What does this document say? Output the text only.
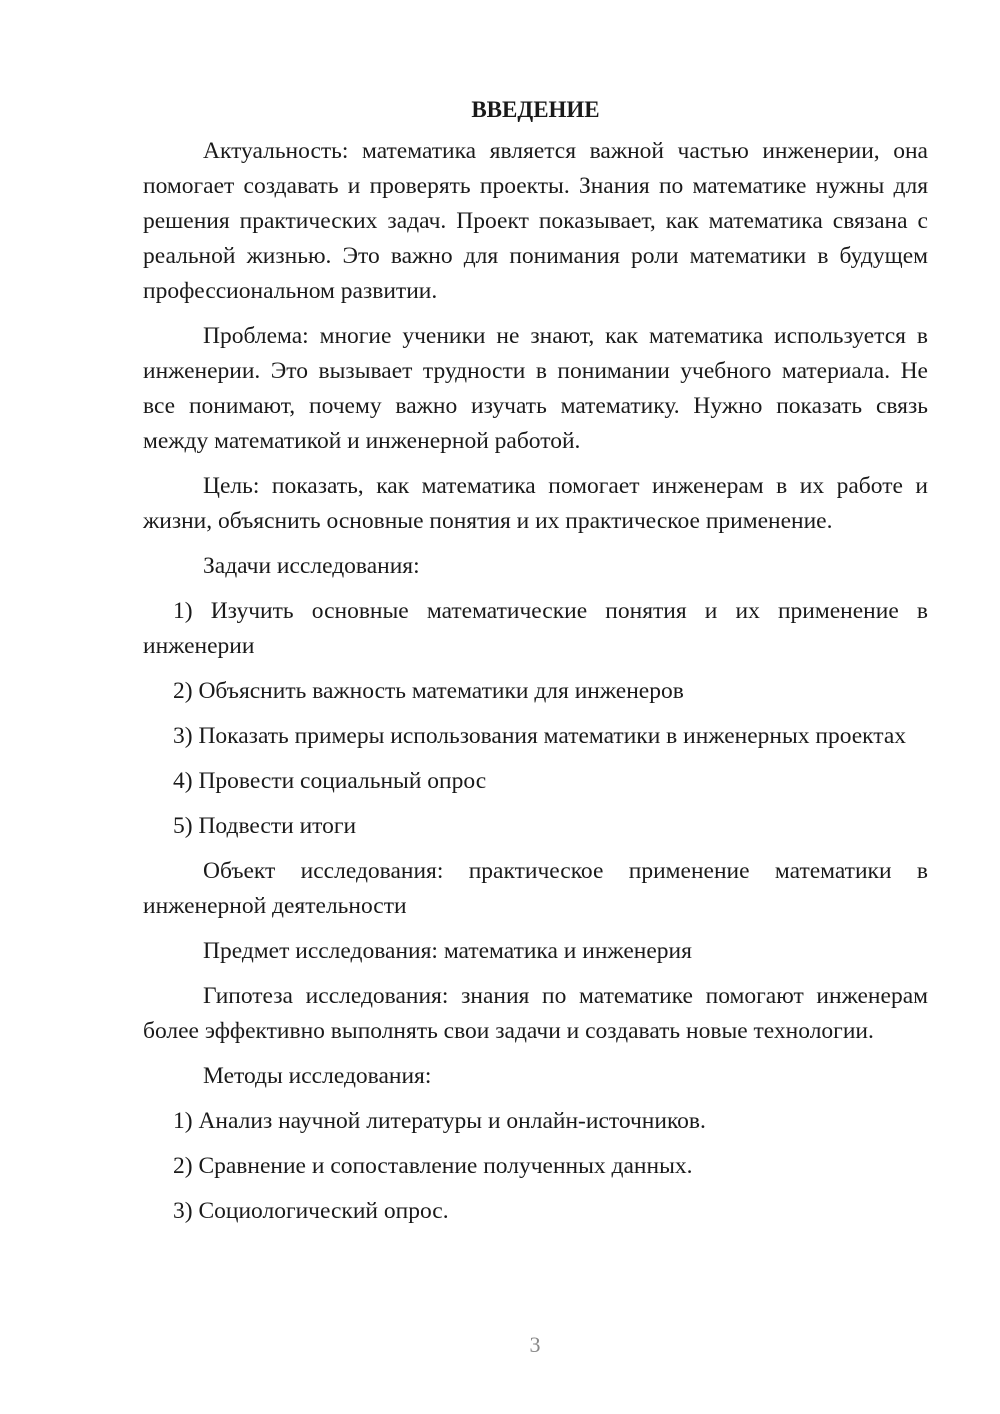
ВВЕДЕНИЕ

Актуальность: математика является важной частью инженерии, она помогает создавать и проверять проекты. Знания по математике нужны для решения практических задач. Проект показывает, как математика связана с реальной жизнью. Это важно для понимания роли математики в будущем профессиональном развитии.

Проблема: многие ученики не знают, как математика используется в инженерии. Это вызывает трудности в понимании учебного материала. Не все понимают, почему важно изучать математику. Нужно показать связь между математикой и инженерной работой.

Цель: показать, как математика помогает инженерам в их работе и жизни, объяснить основные понятия и их практическое применение.

Задачи исследования:

1) Изучить основные математические понятия и их применение в инженерии

2) Объяснить важность математики для инженеров

3) Показать примеры использования математики в инженерных проектах

4) Провести социальный опрос

5) Подвести итоги

Объект исследования: практическое применение математики в инженерной деятельности

Предмет исследования: математика и инженерия

Гипотеза исследования: знания по математике помогают инженерам более эффективно выполнять свои задачи и создавать новые технологии.

Методы исследования:

1) Анализ научной литературы и онлайн-источников.

2) Сравнение и сопоставление полученных данных.

3) Социологический опрос.

3
